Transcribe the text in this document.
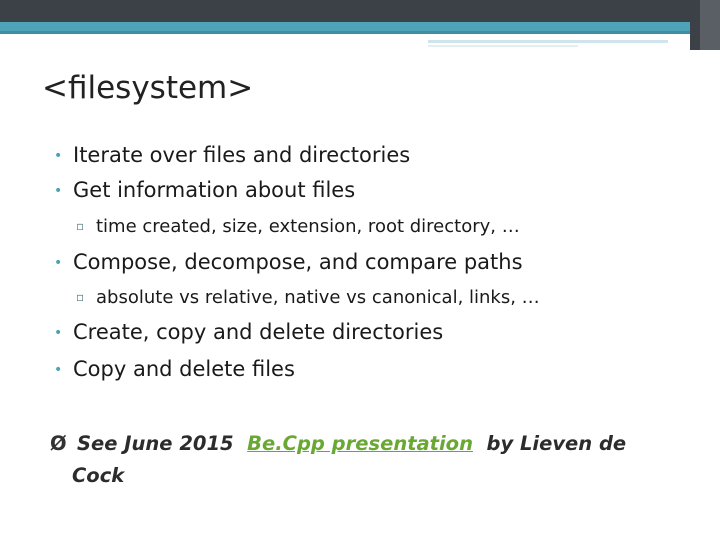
<filesystem>
• Iterate over files and directories
• Get information about files
▫ time created, size, extension, root directory, …
• Compose, decompose, and compare paths
▫ absolute vs relative, native vs canonical, links, …
• Create, copy and delete directories
• Copy and delete files
Ø See June 2015 Be.Cpp presentation by Lieven de
Cock
